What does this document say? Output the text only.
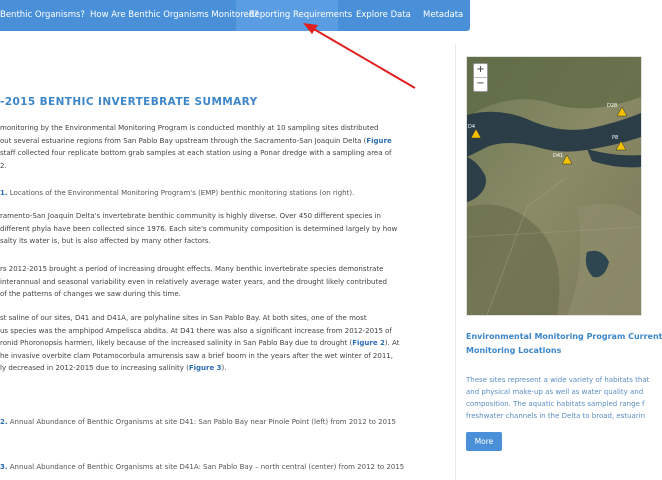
Benthic Organisms? How Are Benthic Organisms Monitored?
Reporting Requirements Explore Data Metadata
-2015 BENTHIC INVERTEBRATE SUMMARY
monitoring by the Environmental Monitoring Program is conducted monthly at 10 sampling sites distributed
out several estuarine regions from San Pablo Bay upstream through the Sacramento-San Joaquin Delta (Figure
staff collected four replicate bottom grab samples at each station using a Ponar dredge with a sampling area of
2.
1. Locations of the Environmental Monitoring Program's (EMP) benthic monitoring stations (on right).
ramento-San Joaquin Delta's invertebrate benthic community is highly diverse. Over 450 different species in
different phyla have been collected since 1976. Each site's community composition is determined largely by how
salty its water is, but is also affected by many other factors.
rs 2012-2015 brought a period of increasing drought effects. Many benthic invertebrate species demonstrate
interannual and seasonal variability even in relatively average water years, and the drought likely contributed
of the patterns of changes we saw during this time.
st saline of our sites, D41 and D41A, are polyhaline sites in San Pablo Bay. At both sites, one of the most
us species was the amphipod Ampelisca abdita. At D41 there was also a significant increase from 2012-2015 of
ronid Phoronopsis harmeri, likely because of the increased salinity in San Pablo Bay due to drought (Figure 2). At
he invasive overbite clam Potamocorbula amurensis saw a brief boom in the years after the wet winter of 2011,
ly decreased in 2012-2015 due to increasing salinity (Figure 3).
2. Annual Abundance of Benthic Organisms at site D41: San Pablo Bay near Pinole Point (left) from 2012 to 2015
3. Annual Abundance of Benthic Organisms at site D41A: San Pablo Bay – north central (center) from 2012 to 2015
D4
D28
D41
P8
+
−
Environmental Monitoring Program Current
Monitoring Locations
These sites represent a wide variety of habitats that
and physical make-up as well as water quality and
composition. The aquatic habitats sampled range f
freshwater channels in the Delta to broad, estuarin
More
